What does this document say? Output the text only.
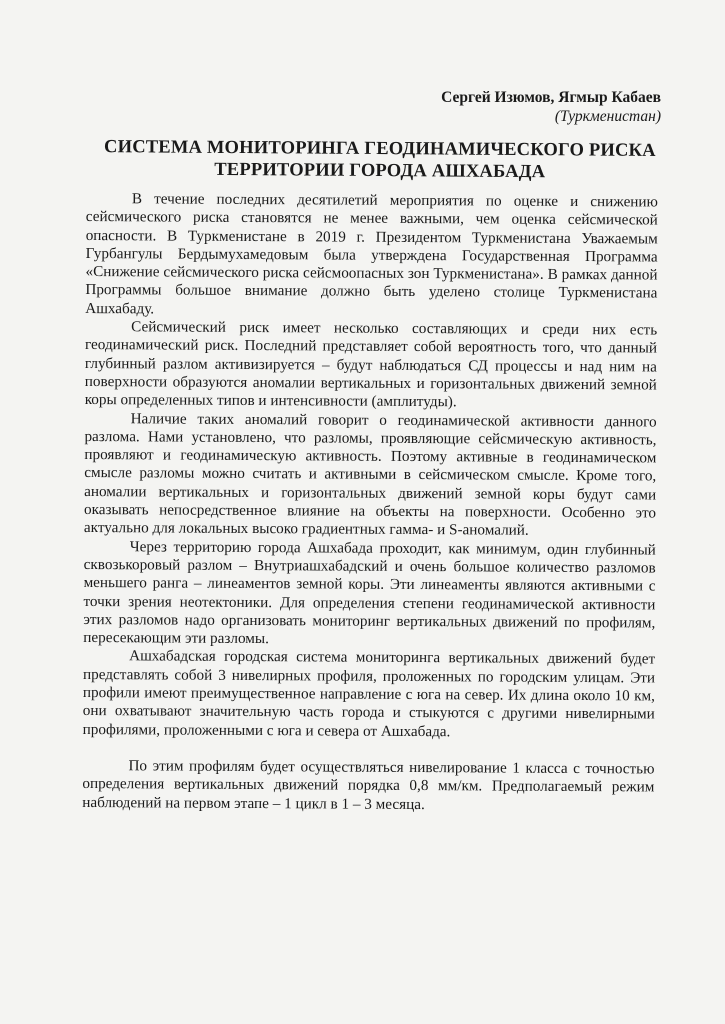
Сергей Изюмов, Ягмыр Кабаев
(Туркменистан)
СИСТЕМА МОНИТОРИНГА ГЕОДИНАМИЧЕСКОГО РИСКА
ТЕРРИТОРИИ ГОРОДА АШХАБАДА

В течение последних десятилетий мероприятия по оценке и снижению сейсмического риска становятся не менее важными, чем оценка сейсмической опасности. В Туркменистане в 2019 г. Президентом Туркменистана Уважаемым Гурбангулы Бердымухамедовым была утверждена Государственная Программа «Снижение сейсмического риска сейсмоопасных зон Туркменистана». В рамках данной Программы большое внимание должно быть уделено столице Туркменистана Ашхабаду.

Сейсмический риск имеет несколько составляющих и среди них есть геодинамический риск. Последний представляет собой вероятность того, что данный глубинный разлом активизируется – будут наблюдаться СД процессы и над ним на поверхности образуются аномалии вертикальных и горизонтальных движений земной коры определенных типов и интенсивности (амплитуды).

Наличие таких аномалий говорит о геодинамической активности данного разлома. Нами установлено, что разломы, проявляющие сейсмическую активность, проявляют и геодинамическую активность. Поэтому активные в геодинамическом смысле разломы можно считать и активными в сейсмическом смысле. Кроме того, аномалии вертикальных и горизонтальных движений земной коры будут сами оказывать непосредственное влияние на объекты на поверхности. Особенно это актуально для локальных высоко градиентных гамма- и S-аномалий.

Через территорию города Ашхабада проходит, как минимум, один глубинный сквозькоровый разлом – Внутриашхабадский и очень большое количество разломов меньшего ранга – линеаментов земной коры. Эти линеаменты являются активными с точки зрения неотектоники. Для определения степени геодинамической активности этих разломов надо организовать мониторинг вертикальных движений по профилям, пересекающим эти разломы.

Ашхабадская городская система мониторинга вертикальных движений будет представлять собой 3 нивелирных профиля, проложенных по городским улицам. Эти профили имеют преимущественное направление с юга на север. Их длина около 10 км, они охватывают значительную часть города и стыкуются с другими нивелирными профилями, проложенными с юга и севера от Ашхабада.

По этим профилям будет осуществляться нивелирование 1 класса с точностью определения вертикальных движений порядка 0,8 мм/км. Предполагаемый режим наблюдений на первом этапе – 1 цикл в 1 – 3 месяца.
